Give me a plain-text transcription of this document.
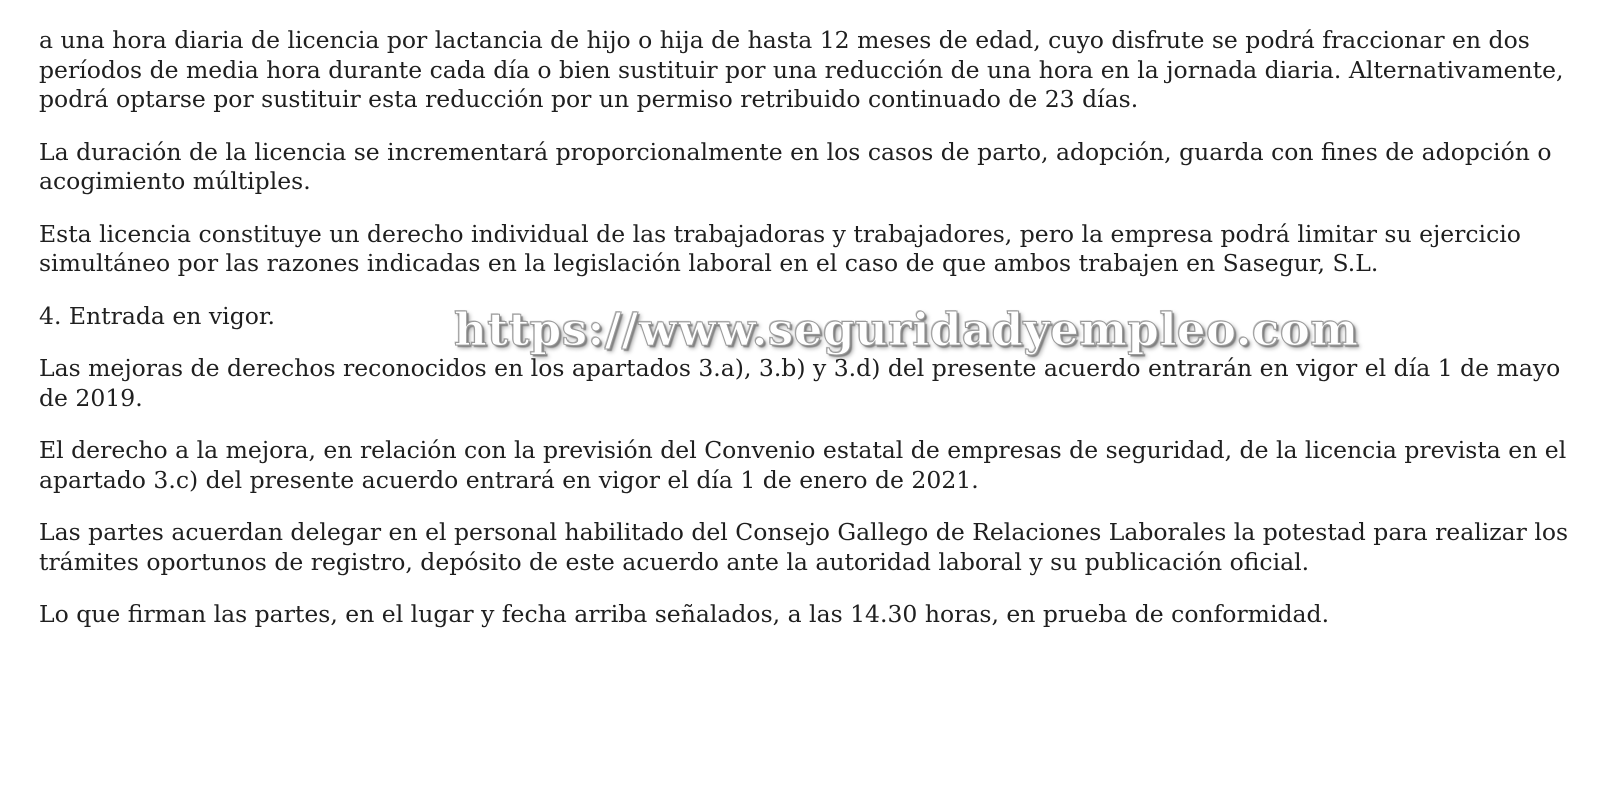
a una hora diaria de licencia por lactancia de hijo o hija de hasta 12 meses de edad, cuyo disfrute se podrá fraccionar en dos períodos de media hora durante cada día o bien sustituir por una reducción de una hora en la jornada diaria. Alternativamente, podrá optarse por sustituir esta reducción por un permiso retribuido continuado de 23 días.

La duración de la licencia se incrementará proporcionalmente en los casos de parto, adopción, guarda con fines de adopción o acogimiento múltiples.

Esta licencia constituye un derecho individual de las trabajadoras y trabajadores, pero la empresa podrá limitar su ejercicio simultáneo por las razones indicadas en la legislación laboral en el caso de que ambos trabajen en Sasegur, S.L.

4. Entrada en vigor.

Las mejoras de derechos reconocidos en los apartados 3.a), 3.b) y 3.d) del presente acuerdo entrarán en vigor el día 1 de mayo de 2019.

El derecho a la mejora, en relación con la previsión del Convenio estatal de empresas de seguridad, de la licencia prevista en el apartado 3.c) del presente acuerdo entrará en vigor el día 1 de enero de 2021.

Las partes acuerdan delegar en el personal habilitado del Consejo Gallego de Relaciones Laborales la potestad para realizar los trámites oportunos de registro, depósito de este acuerdo ante la autoridad laboral y su publicación oficial.

Lo que firman las partes, en el lugar y fecha arriba señalados, a las 14.30 horas, en prueba de conformidad.

https://www.seguridadyempleo.com
